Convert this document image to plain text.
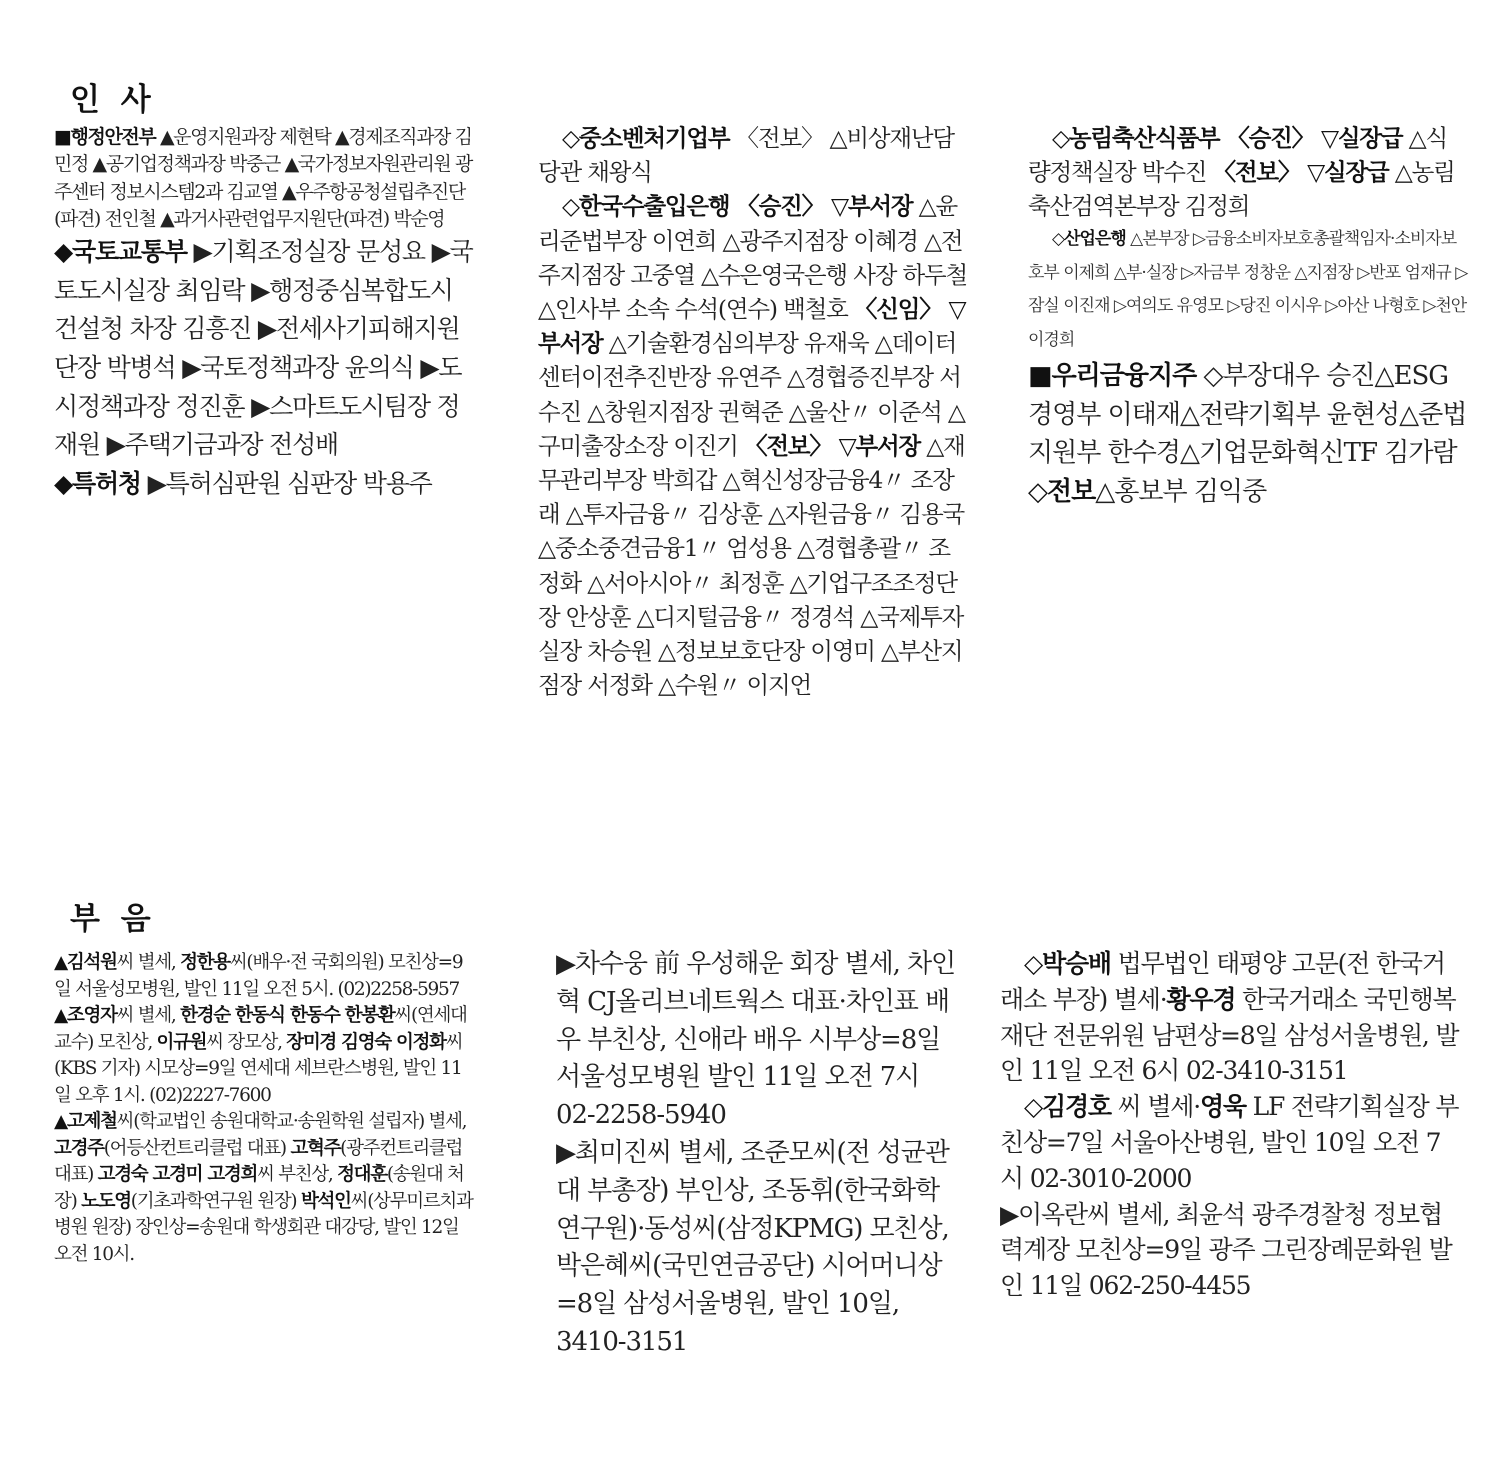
인 사

■행정안전부 ▲운영지원과장 제현탁 ▲경제조직과장 김민정 ▲공기업정책과장 박중근 ▲국가정보자원관리원 광주센터 정보시스템2과 김교열 ▲우주항공청설립추진단(파견) 전인철 ▲과거사관련업무지원단(파견) 박순영

◆국토교통부 ▶기획조정실장 문성요 ▶국토도시실장 최임락 ▶행정중심복합도시건설청 차장 김흥진 ▶전세사기피해지원단장 박병석 ▶국토정책과장 윤의식 ▶도시정책과장 정진훈 ▶스마트도시팀장 정재원 ▶주택기금과장 전성배

◆특허청 ▶특허심판원 심판장 박용주

◇중소벤처기업부 〈전보〉 △비상재난담당관 채왕식

◇한국수출입은행 〈승진〉 ▽부서장 △윤리준법부장 이연희 △광주지점장 이혜경 △전주지점장 고중열 △수은영국은행 사장 하두철 △인사부 소속 수석(연수) 백철호 〈신임〉 ▽부서장 △기술환경심의부장 유재욱 △데이터센터이전추진반장 유연주 △경협증진부장 서수진 △창원지점장 권혁준 △울산〃 이준석 △구미출장소장 이진기 〈전보〉 ▽부서장 △재무관리부장 박희갑 △혁신성장금융4〃 조장래 △투자금융〃 김상훈 △자원금융〃 김용국 △중소중견금융1〃 엄성용 △경협총괄〃 조정화 △서아시아〃 최정훈 △기업구조조정단장 안상훈 △디지털금융〃 정경석 △국제투자실장 차승원 △정보보호단장 이영미 △부산지점장 서정화 △수원〃 이지언

◇농림축산식품부 〈승진〉 ▽실장급 △식량정책실장 박수진 〈전보〉 ▽실장급 △농림축산검역본부장 김정희

◇산업은행 △본부장 ▷금융소비자보호총괄책임자·소비자보호부 이제희 △부·실장 ▷자금부 정창운 △지점장 ▷반포 엄재규 ▷잠실 이진재 ▷여의도 유영모 ▷당진 이시우 ▷아산 나형호 ▷천안 이경희

■우리금융지주 ◇부장대우 승진△ESG경영부 이태재△전략기획부 윤현성△준법지원부 한수경△기업문화혁신TF 김가람 ◇전보△홍보부 김익중

부 음

▲김석원씨 별세, 정한용씨(배우·전 국회의원) 모친상=9일 서울성모병원, 발인 11일 오전 5시. (02)2258-5957

▲조영자씨 별세, 한경순 한동식 한동수 한봉환씨(연세대 교수) 모친상, 이규원씨 장모상, 장미경 김영숙 이정화씨(KBS 기자) 시모상=9일 연세대 세브란스병원, 발인 11일 오후 1시. (02)2227-7600

▲고제철씨(학교법인 송원대학교·송원학원 설립자) 별세, 고경주(어등산컨트리클럽 대표) 고혁주(광주컨트리클럽 대표) 고경숙 고경미 고경희씨 부친상, 정대훈(송원대 처장) 노도영(기초과학연구원 원장) 박석인씨(상무미르치과병원 원장) 장인상=송원대 학생회관 대강당, 발인 12일 오전 10시.

▶차수웅 前 우성해운 회장 별세, 차인혁 CJ올리브네트웍스 대표·차인표 배우 부친상, 신애라 배우 시부상=8일 서울성모병원 발인 11일 오전 7시 02-2258-5940

▶최미진씨 별세, 조준모씨(전 성균관대 부총장) 부인상, 조동휘(한국화학연구원)·동성씨(삼정KPMG) 모친상, 박은혜씨(국민연금공단) 시어머니상=8일 삼성서울병원, 발인 10일, 3410-3151

◇박승배 법무법인 태평양 고문(전 한국거래소 부장) 별세·황우경 한국거래소 국민행복재단 전문위원 남편상=8일 삼성서울병원, 발인 11일 오전 6시 02-3410-3151

◇김경호 씨 별세·영욱 LF 전략기획실장 부친상=7일 서울아산병원, 발인 10일 오전 7시 02-3010-2000

▶이옥란씨 별세, 최윤석 광주경찰청 정보협력계장 모친상=9일 광주 그린장례문화원 발인 11일 062-250-4455
